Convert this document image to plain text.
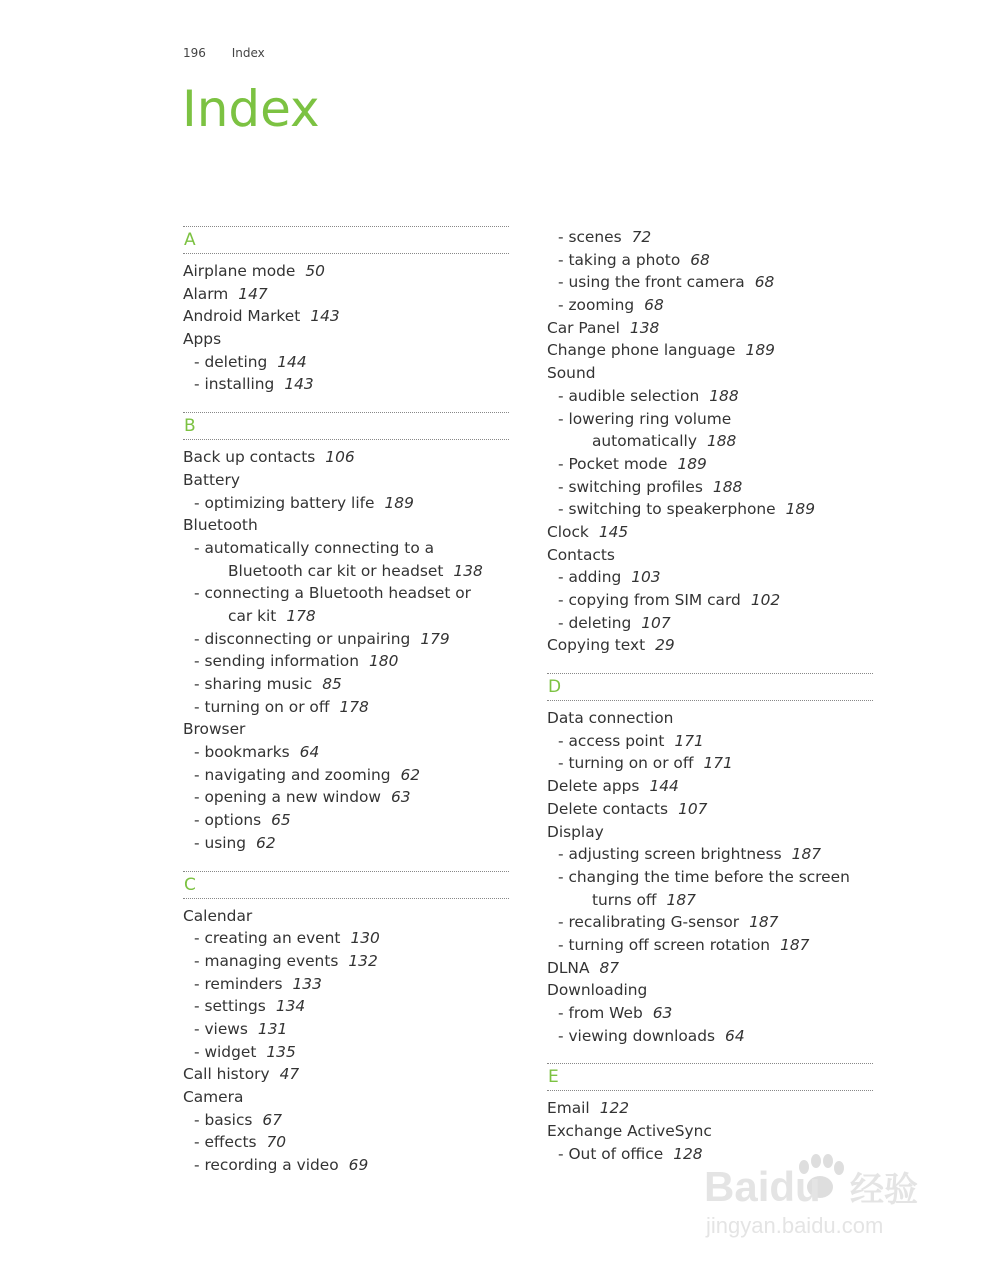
196 Index
Index
A
Airplane mode 50
Alarm 147
Android Market 143
Apps
- deleting 144
- installing 143
B
Back up contacts 106
Battery
- optimizing battery life 189
Bluetooth
- automatically connecting to a
Bluetooth car kit or headset 138
- connecting a Bluetooth headset or
car kit 178
- disconnecting or unpairing 179
- sending information 180
- sharing music 85
- turning on or off 178
Browser
- bookmarks 64
- navigating and zooming 62
- opening a new window 63
- options 65
- using 62
C
Calendar
- creating an event 130
- managing events 132
- reminders 133
- settings 134
- views 131
- widget 135
Call history 47
Camera
- basics 67
- effects 70
- recording a video 69
- scenes 72
- taking a photo 68
- using the front camera 68
- zooming 68
Car Panel 138
Change phone language 189
Sound
- audible selection 188
- lowering ring volume
automatically 188
- Pocket mode 189
- switching profiles 188
- switching to speakerphone 189
Clock 145
Contacts
- adding 103
- copying from SIM card 102
- deleting 107
Copying text 29
D
Data connection
- access point 171
- turning on or off 171
Delete apps 144
Delete contacts 107
Display
- adjusting screen brightness 187
- changing the time before the screen
turns off 187
- recalibrating G-sensor 187
- turning off screen rotation 187
DLNA 87
Downloading
- from Web 63
- viewing downloads 64
E
Email 122
Exchange ActiveSync
- Out of office 128
Baidu 经验
jingyan.baidu.com
